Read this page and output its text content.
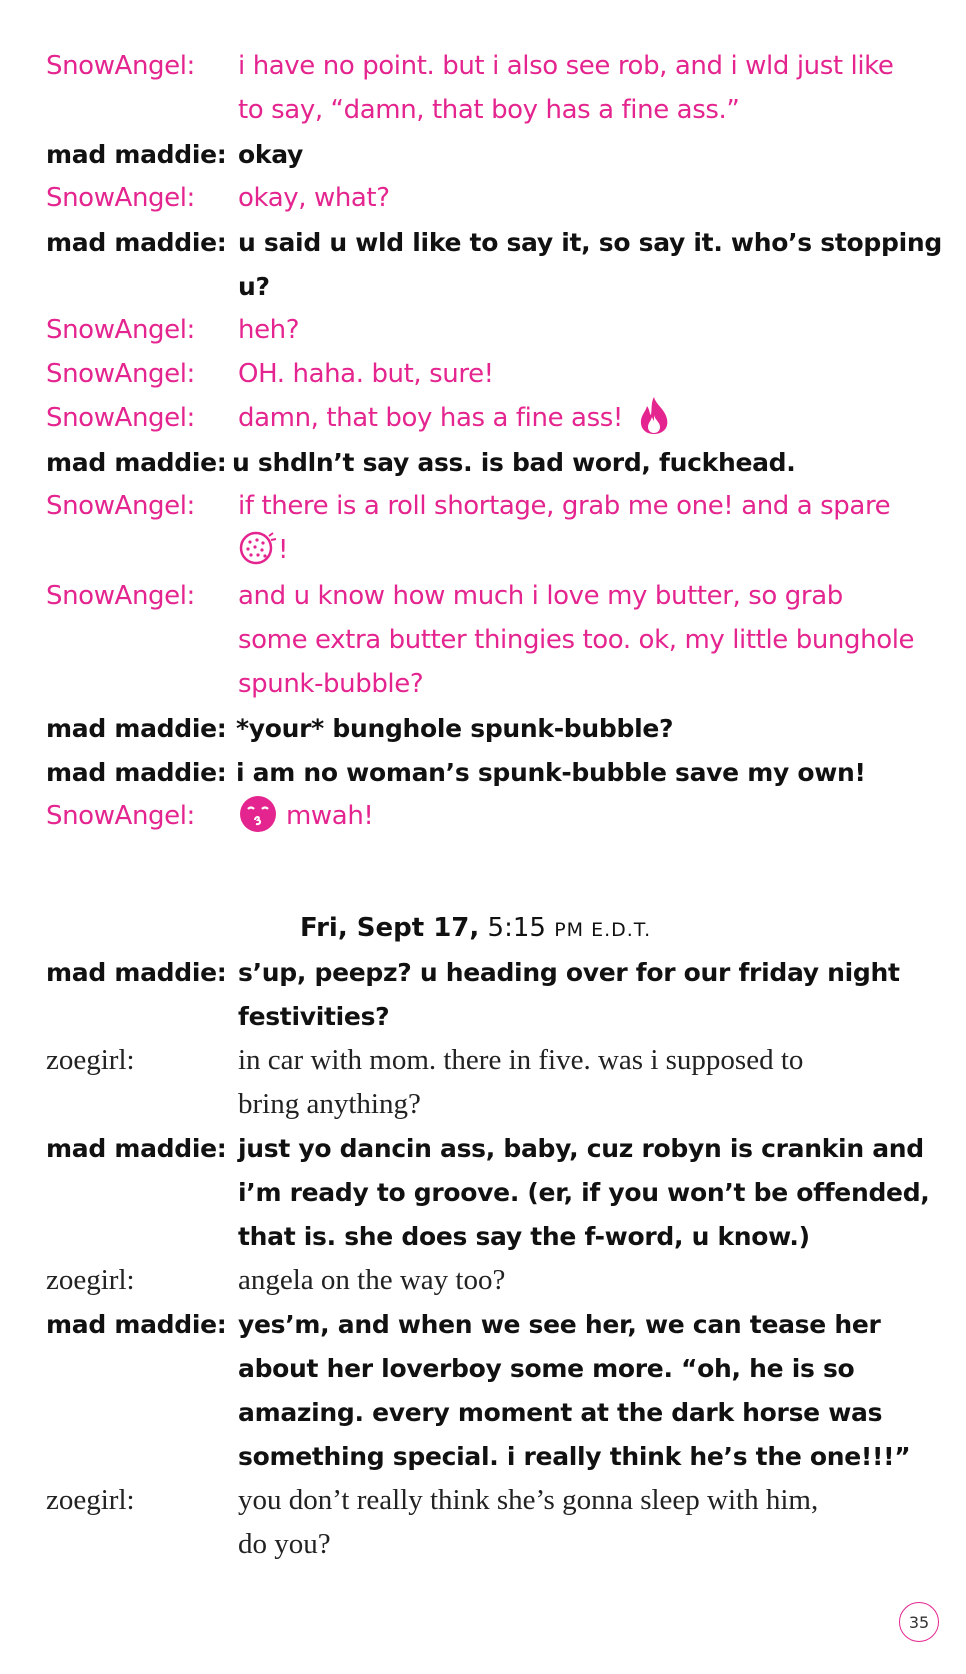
SnowAngel: i have no point. but i also see rob, and i wld just like
to say, “damn, that boy has a fine ass.”
mad maddie: okay
SnowAngel: okay, what?
mad maddie: u said u wld like to say it, so say it. who’s stopping
u?
SnowAngel: heh?
SnowAngel: OH. haha. but, sure!
SnowAngel: damn, that boy has a fine ass!
mad maddie: u shdln’t say ass. is bad word, fuckhead.
SnowAngel: if there is a roll shortage, grab me one! and a spare
!
SnowAngel: and u know how much i love my butter, so grab
some extra butter thingies too. ok, my little bunghole
spunk-bubble?
mad maddie: *your* bunghole spunk-bubble?
mad maddie: i am no woman’s spunk-bubble save my own!
SnowAngel:	mwah!
Fri, Sept 17, 5:15 PM E.D.T.
mad maddie: s’up, peepz? u heading over for our friday night
festivities?
zoegirl:	in car with mom. there in five. was i supposed to
bring anything?
mad maddie: just yo dancin ass, baby, cuz robyn is crankin and
i’m ready to groove. (er, if you won’t be offended,
that is. she does say the f-word, u know.)
zoegirl:	angela on the way too?
mad maddie: yes’m, and when we see her, we can tease her
about her loverboy some more. “oh, he is so
amazing. every moment at the dark horse was
something special. i really think he’s the one!!!”
zoegirl:	you don’t really think she’s gonna sleep with him,
do you?
35
